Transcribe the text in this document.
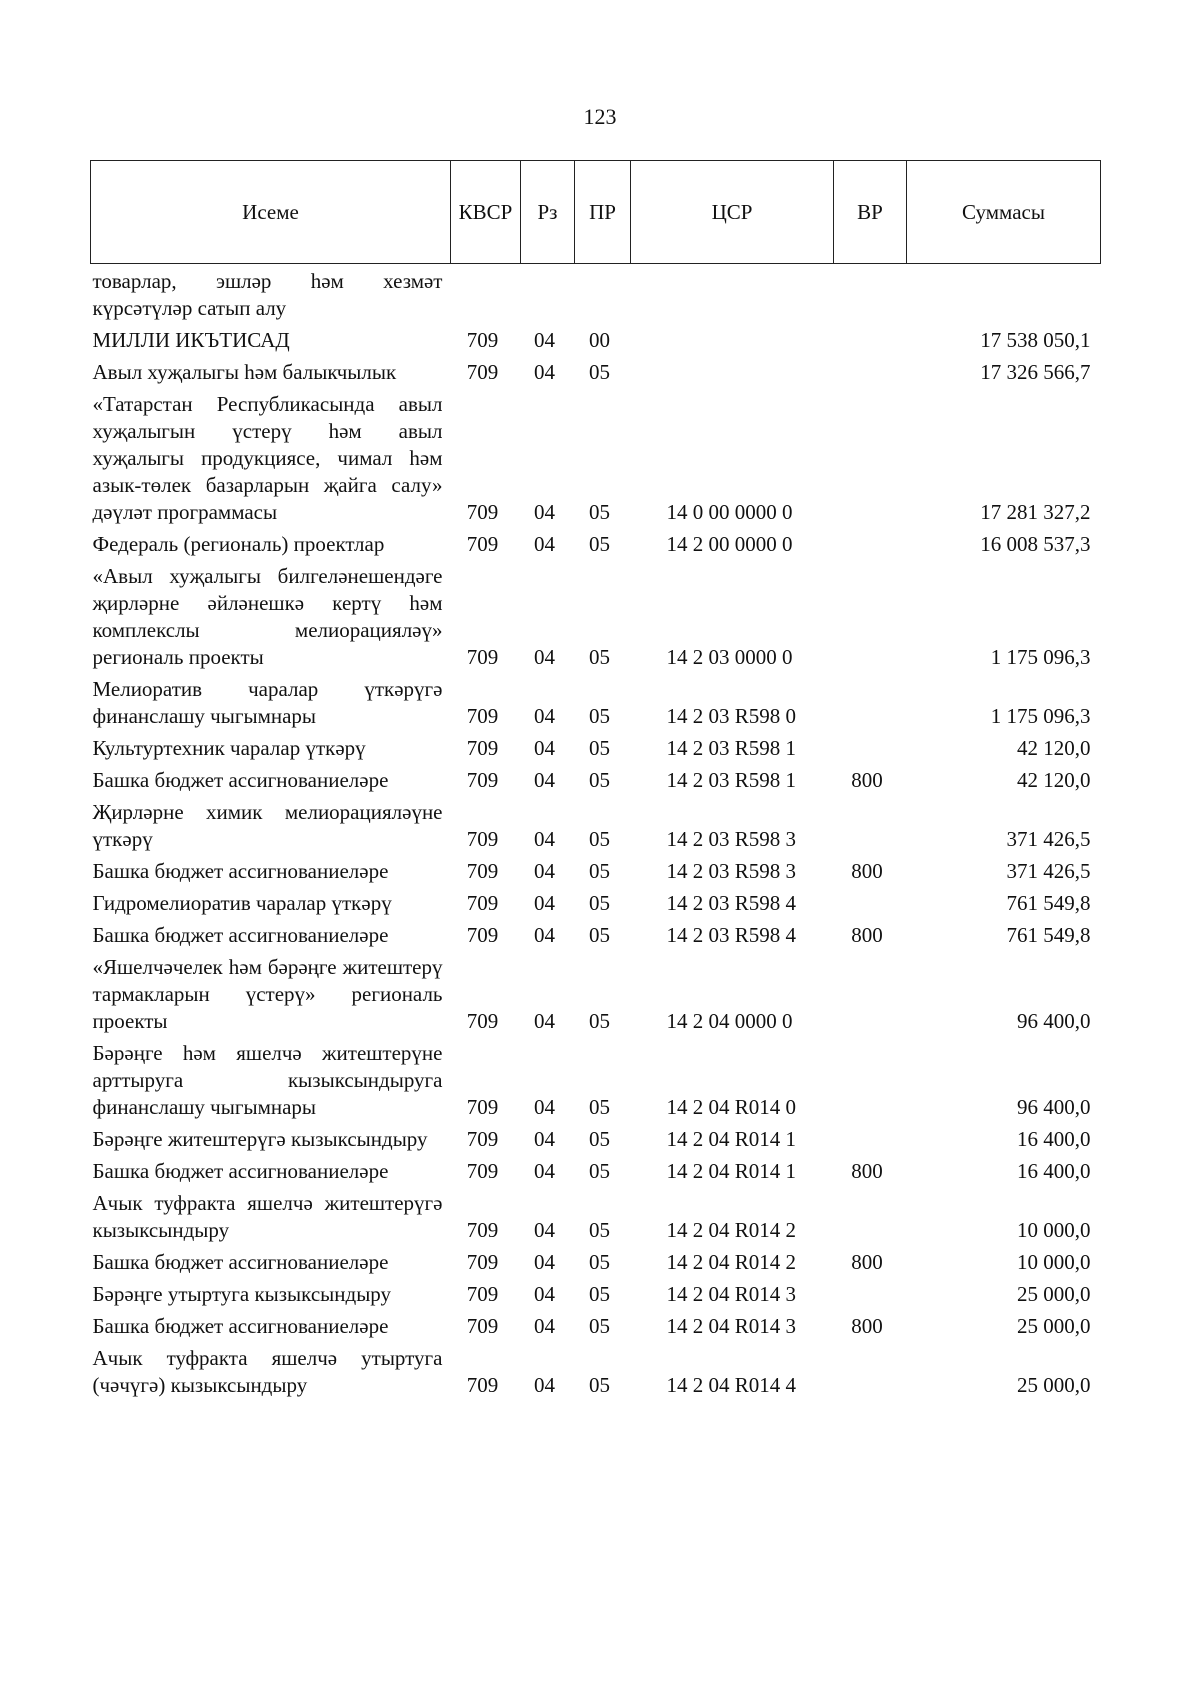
123
Исеме	КВСР	Рз	ПР	ЦСР	ВР	Суммасы
товарлар, эшләр һәм хезмәт күрсәтүләр сатып алу						
МИЛЛИ ИКЪТИСАД	709	04	00			17 538 050,1
Авыл хуҗалыгы һәм балыкчылык	709	04	05			17 326 566,7
«Татарстан Республикасында авыл хуҗалыгын үстерү һәм авыл хуҗалыгы продукциясе, чимал һәм азык-төлек базарларын җайга салу» дәүләт программасы	709	04	05	14 0 00 0000 0		17 281 327,2
Федераль (региональ) проектлар	709	04	05	14 2 00 0000 0		16 008 537,3
«Авыл хуҗалыгы билгеләнешендәге җирләрне әйләнешкә кертү һәм комплекслы мелиорацияләү» региональ проекты	709	04	05	14 2 03 0000 0		1 175 096,3
Мелиоратив чаралар үткәрүгә финанслашу чыгымнары	709	04	05	14 2 03 R598 0		1 175 096,3
Культуртехник чаралар үткәрү	709	04	05	14 2 03 R598 1		42 120,0
Башка бюджет ассигнованиеләре	709	04	05	14 2 03 R598 1	800	42 120,0
Җирләрне химик мелиорацияләүне үткәрү	709	04	05	14 2 03 R598 3		371 426,5
Башка бюджет ассигнованиеләре	709	04	05	14 2 03 R598 3	800	371 426,5
Гидромелиоратив чаралар үткәрү	709	04	05	14 2 03 R598 4		761 549,8
Башка бюджет ассигнованиеләре	709	04	05	14 2 03 R598 4	800	761 549,8
«Яшелчәчелек һәм бәрәңге житештерү тармакларын үстерү» региональ проекты	709	04	05	14 2 04 0000 0		96 400,0
Бәрәңге һәм яшелчә житештерүне арттыруга кызыксындыруга финанслашу чыгымнары	709	04	05	14 2 04 R014 0		96 400,0
Бәрәңге житештерүгә кызыксындыру	709	04	05	14 2 04 R014 1		16 400,0
Башка бюджет ассигнованиеләре	709	04	05	14 2 04 R014 1	800	16 400,0
Ачык туфракта яшелчә житештерүгә кызыксындыру	709	04	05	14 2 04 R014 2		10 000,0
Башка бюджет ассигнованиеләре	709	04	05	14 2 04 R014 2	800	10 000,0
Бәрәңге утыртуга кызыксындыру	709	04	05	14 2 04 R014 3		25 000,0
Башка бюджет ассигнованиеләре	709	04	05	14 2 04 R014 3	800	25 000,0
Ачык туфракта яшелчә утыртуга (чәчүгә) кызыксындыру	709	04	05	14 2 04 R014 4		25 000,0
